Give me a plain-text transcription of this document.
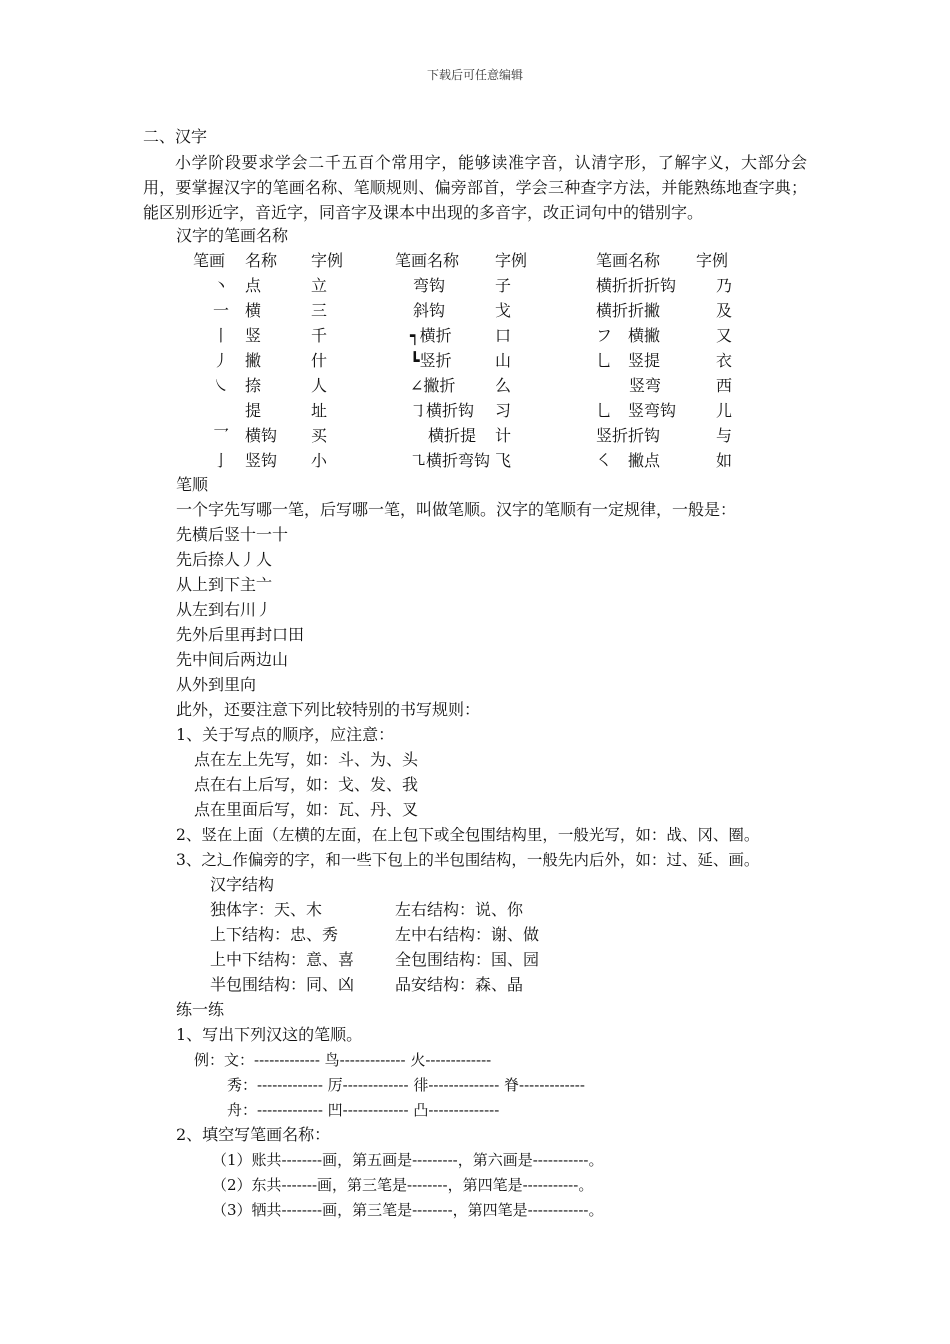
下载后可任意编辑
二、汉字
小学阶段要求学会二千五百个常用字，能够读准字音，认清字形，了解字义，大部分会用，要掌握汉字的笔画名称、笔顺规则、偏旁部首，学会三种查字方法，并能熟练地查字典；能区别形近字，音近字，同音字及课本中出现的多音字，改正词句中的错别字。
汉字的笔画名称
笔画 名称 字例	笔画名称 字例	笔画名称 字例
丶 点	立	弯钩	子	横折折折钩 乃
一 横	三	斜钩	戈	横折折撇	及
丨 竖	千	┑横折	口	フ　横撇	又
丿 撇	什	┗竖折	山	乚　竖提	衣
㇏ 捺	人	∠撇折 么	竖弯	西
提	址	㇆横折钩 习	乚　竖弯钩 儿
乛 横钩 买	横折提 计	竖折折钩	与
亅 竖钩 小	㇈横折弯钩 飞	㇛　撇点	如
笔顺
一个字先写哪一笔，后写哪一笔，叫做笔顺。汉字的笔顺有一定规律，一般是：
先横后竖十一十
先后捺人丿人
从上到下主亠
从左到右川丿
先外后里再封口田
先中间后两边山
从外到里向
此外，还要注意下列比较特别的书写规则：
1、关于写点的顺序，应注意：
点在左上先写，如：斗、为、头
点在右上后写，如：戈、发、我
点在里面后写，如：瓦、丹、叉
2、竖在上面（左横的左面，在上包下或全包围结构里，一般光写，如：战、冈、圈。
3、之辶作偏旁的字，和一些下包上的半包围结构，一般先内后外，如：过、延、画。
汉字结构
独体字：天、木	左右结构：说、你
上下结构：忠、秀	左中右结构：谢、做
上中下结构：意、喜	全包围结构：国、园
半包围结构：同、凶	品安结构：森、晶
练一练
1、写出下列汉这的笔顺。
例：文：------------- 鸟------------- 火-------------
秀：------------- 厉------------- 徘-------------- 脊-------------
舟：------------- 凹------------- 凸--------------
2、填空写笔画名称：
（1）账共--------画，第五画是---------，第六画是-----------。
（2）东共-------画，第三笔是--------，第四笔是-----------。
（3）牺共--------画，第三笔是--------，第四笔是------------。
